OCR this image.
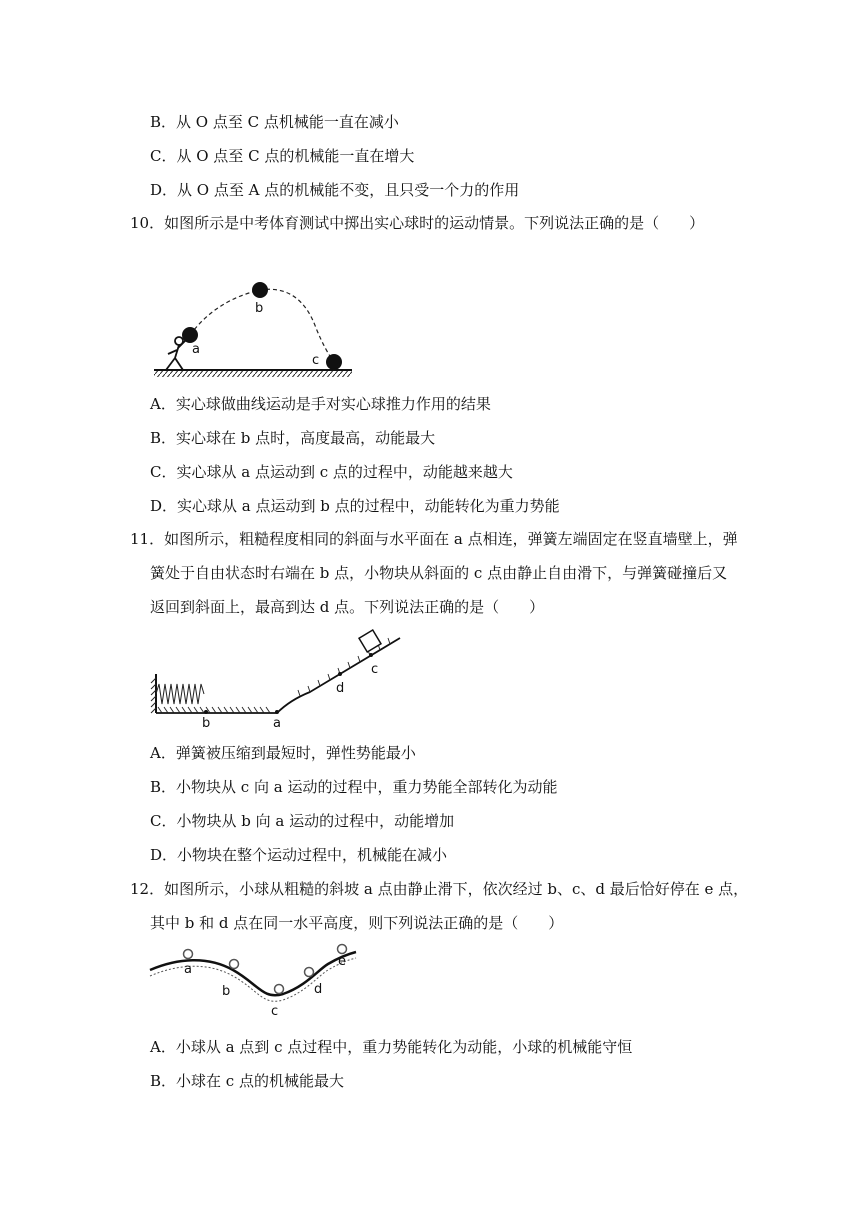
B．从 O 点至 C 点机械能一直在减小
C．从 O 点至 C 点的机械能一直在增大
D．从 O 点至 A 点的机械能不变，且只受一个力的作用
10．如图所示是中考体育测试中掷出实心球时的运动情景。下列说法正确的是（　　）
a
b
c
A．实心球做曲线运动是手对实心球推力作用的结果
B．实心球在 b 点时，高度最高，动能最大
C．实心球从 a 点运动到 c 点的过程中，动能越来越大
D．实心球从 a 点运动到 b 点的过程中，动能转化为重力势能
11．如图所示，粗糙程度相同的斜面与水平面在 a 点相连，弹簧左端固定在竖直墙壁上，弹
簧处于自由状态时右端在 b 点，小物块从斜面的 c 点由静止自由滑下，与弹簧碰撞后又
返回到斜面上，最高到达 d 点。下列说法正确的是（　　）
b	a
d
c
A．弹簧被压缩到最短时，弹性势能最小
B．小物块从 c 向 a 运动的过程中，重力势能全部转化为动能
C．小物块从 b 向 a 运动的过程中，动能增加
D．小物块在整个运动过程中，机械能在减小
12．如图所示，小球从粗糙的斜坡 a 点由静止滑下，依次经过 b、c、d 最后恰好停在 e 点，
其中 b 和 d 点在同一水平高度，则下列说法正确的是（　　）
a
b
c
d
e
A．小球从 a 点到 c 点过程中，重力势能转化为动能，小球的机械能守恒
B．小球在 c 点的机械能最大
